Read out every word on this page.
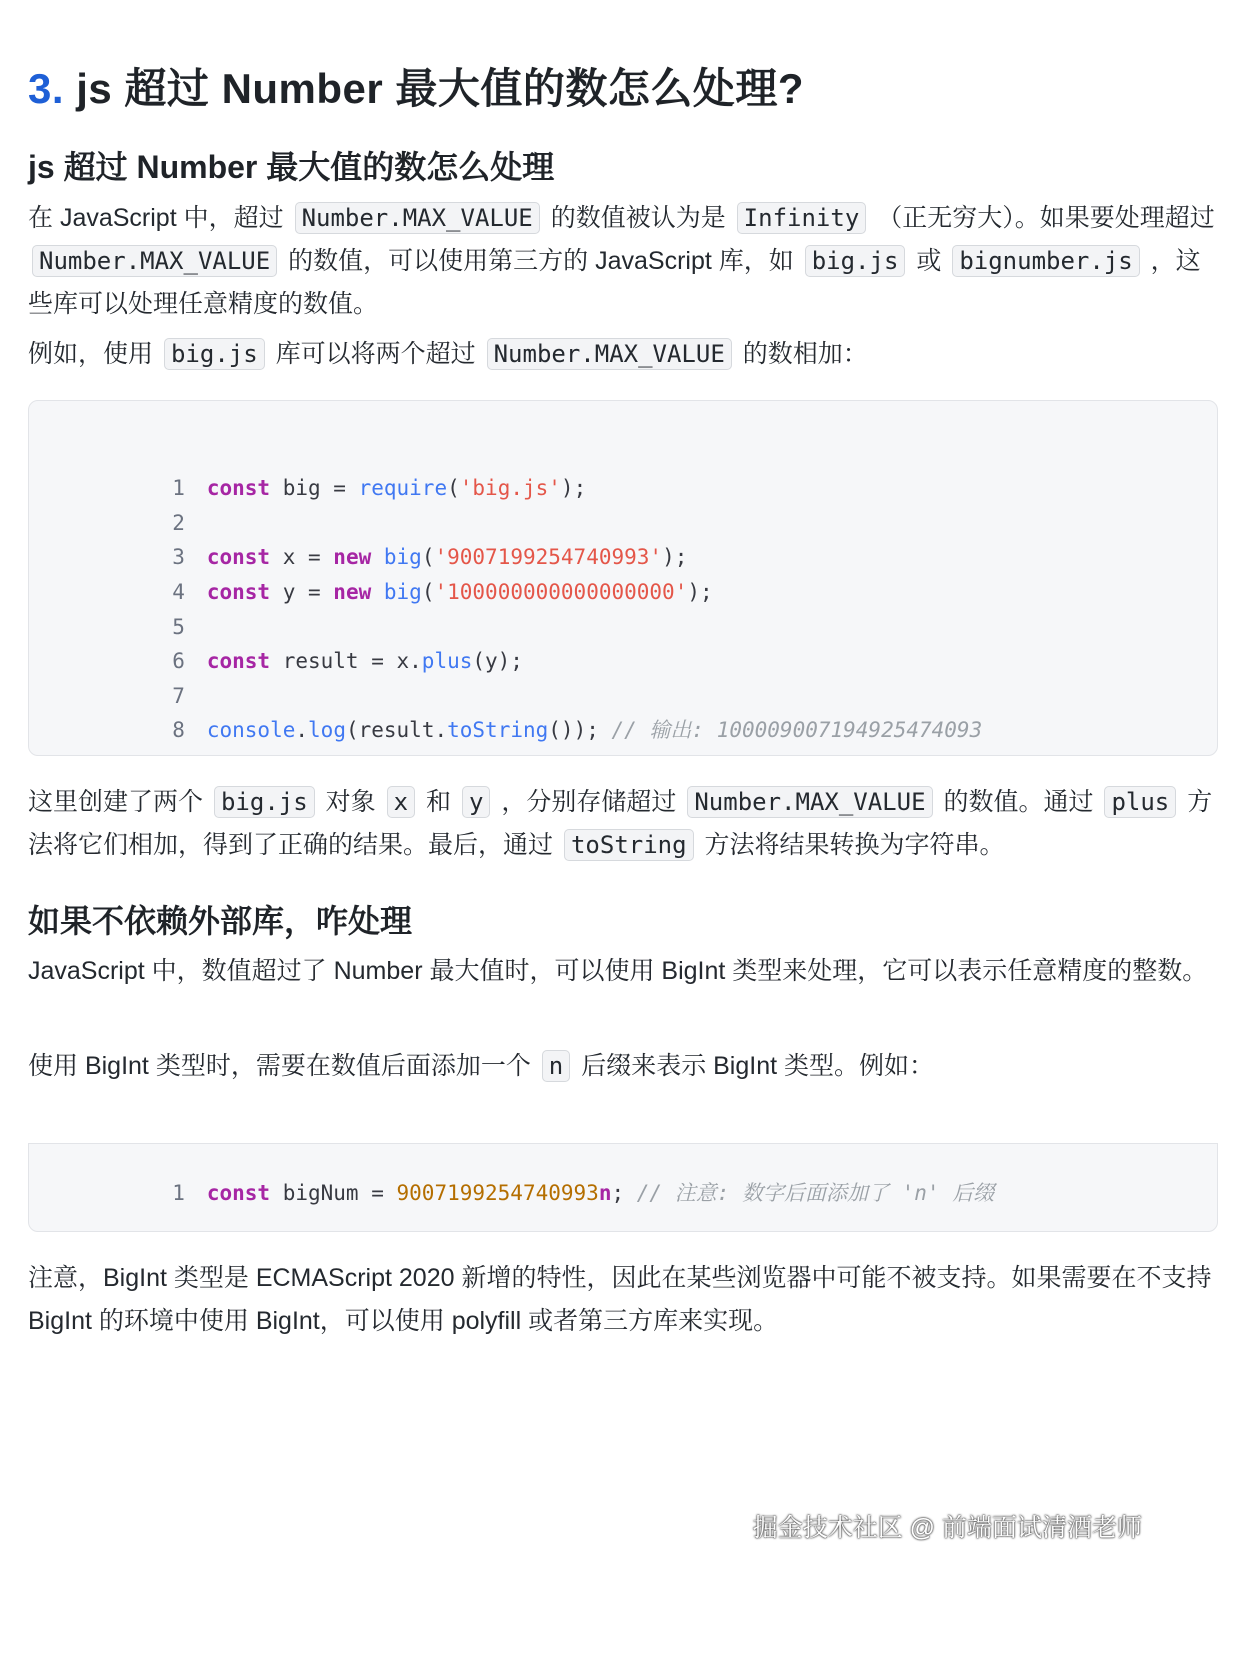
3. js 超过 Number 最大值的数怎么处理?
js 超过 Number 最大值的数怎么处理

在 JavaScript 中，超过 Number.MAX_VALUE 的数值被认为是 Infinity （正无穷大）。如果要处理超过 Number.MAX_VALUE 的数值，可以使用第三方的 JavaScript 库，如 big.js 或 bignumber.js ，这些库可以处理任意精度的数值。

例如，使用 big.js 库可以将两个超过 Number.MAX_VALUE 的数相加：

1 const big = require('big.js');

2

3 const x = new big('9007199254740993');

4 const y = new big('100000000000000000');

5

6 const result = x.plus(y);

7

8 console.log(result.toString()); // 输出: 100009007194925474093

这里创建了两个 big.js 对象 x 和 y ，分别存储超过 Number.MAX_VALUE 的数值。通过 plus 方法将它们相加，得到了正确的结果。最后，通过 toString 方法将结果转换为字符串。

如果不依赖外部库，咋处理

JavaScript 中，数值超过了 Number 最大值时，可以使用 BigInt 类型来处理，它可以表示任意精度的整数。

使用 BigInt 类型时，需要在数值后面添加一个 n 后缀来表示 BigInt 类型。例如：

1 const bigNum = 9007199254740993n; // 注意: 数字后面添加了 'n' 后缀

注意，BigInt 类型是 ECMAScript 2020 新增的特性，因此在某些浏览器中可能不被支持。如果需要在不支持 BigInt 的环境中使用 BigInt，可以使用 polyfill 或者第三方库来实现。

掘金技术社区 @ 前端面试清酒老师
